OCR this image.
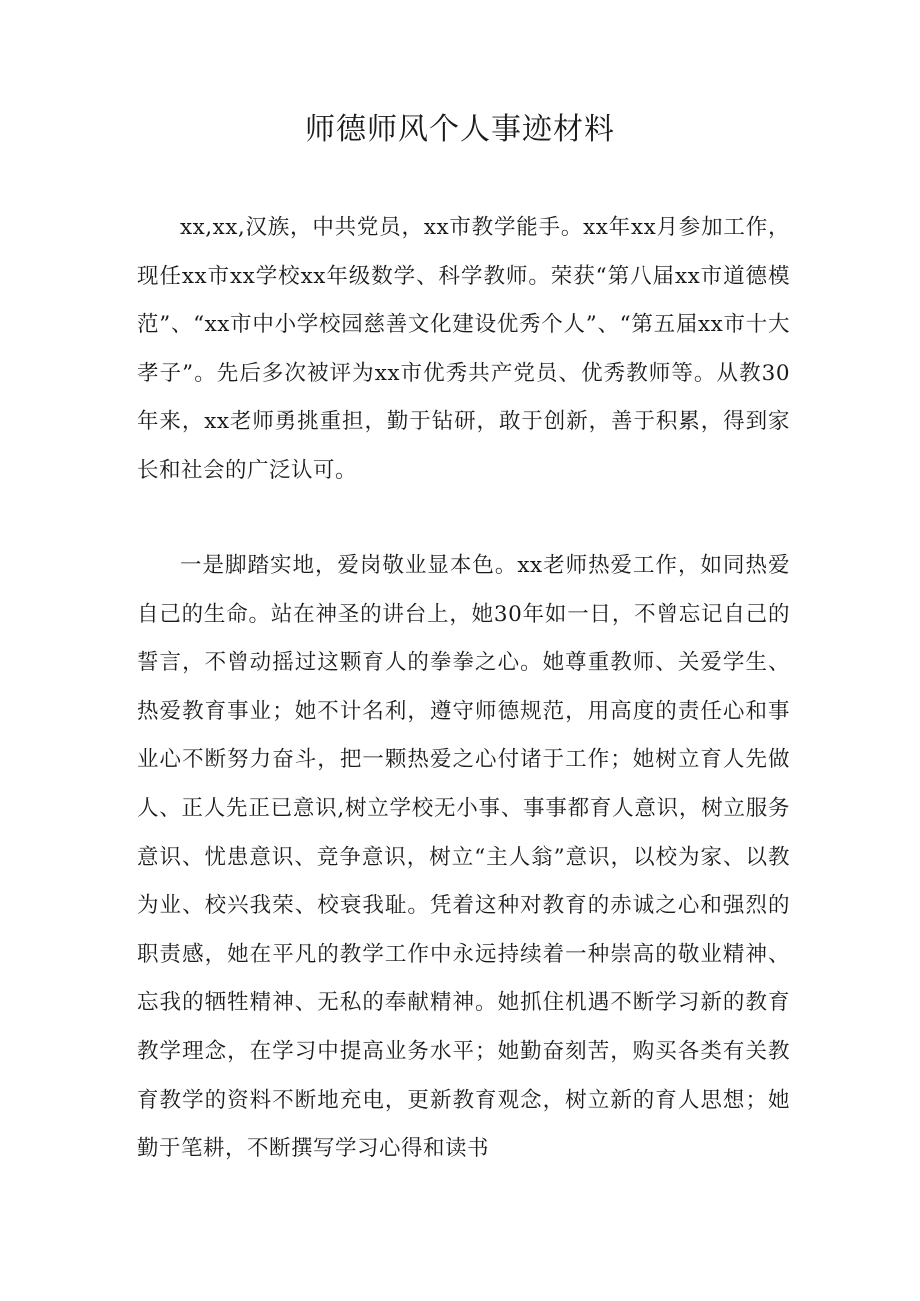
师德师风个人事迹材料

xx,xx,汉族，中共党员，xx市教学能手。xx年xx月参加工作，现任xx市xx学校xx年级数学、科学教师。荣获“第八届xx市道德模范”、“xx市中小学校园慈善文化建设优秀个人”、“第五届xx市十大孝子”。先后多次被评为xx市优秀共产党员、优秀教师等。从教30年来，xx老师勇挑重担，勤于钻研，敢于创新，善于积累，得到家长和社会的广泛认可。

一是脚踏实地，爱岗敬业显本色。xx老师热爱工作，如同热爱自己的生命。站在神圣的讲台上，她30年如一日，不曾忘记自己的誓言，不曾动摇过这颗育人的拳拳之心。她尊重教师、关爱学生、热爱教育事业；她不计名利，遵守师德规范，用高度的责任心和事业心不断努力奋斗，把一颗热爱之心付诸于工作；她树立育人先做人、正人先正已意识,树立学校无小事、事事都育人意识，树立服务意识、忧患意识、竞争意识，树立“主人翁”意识，以校为家、以教为业、校兴我荣、校衰我耻。凭着这种对教育的赤诚之心和强烈的职责感，她在平凡的教学工作中永远持续着一种崇高的敬业精神、忘我的牺牲精神、无私的奉献精神。她抓住机遇不断学习新的教育教学理念，在学习中提高业务水平；她勤奋刻苦，购买各类有关教育教学的资料不断地充电，更新教育观念，树立新的育人思想；她勤于笔耕，不断撰写学习心得和读书
